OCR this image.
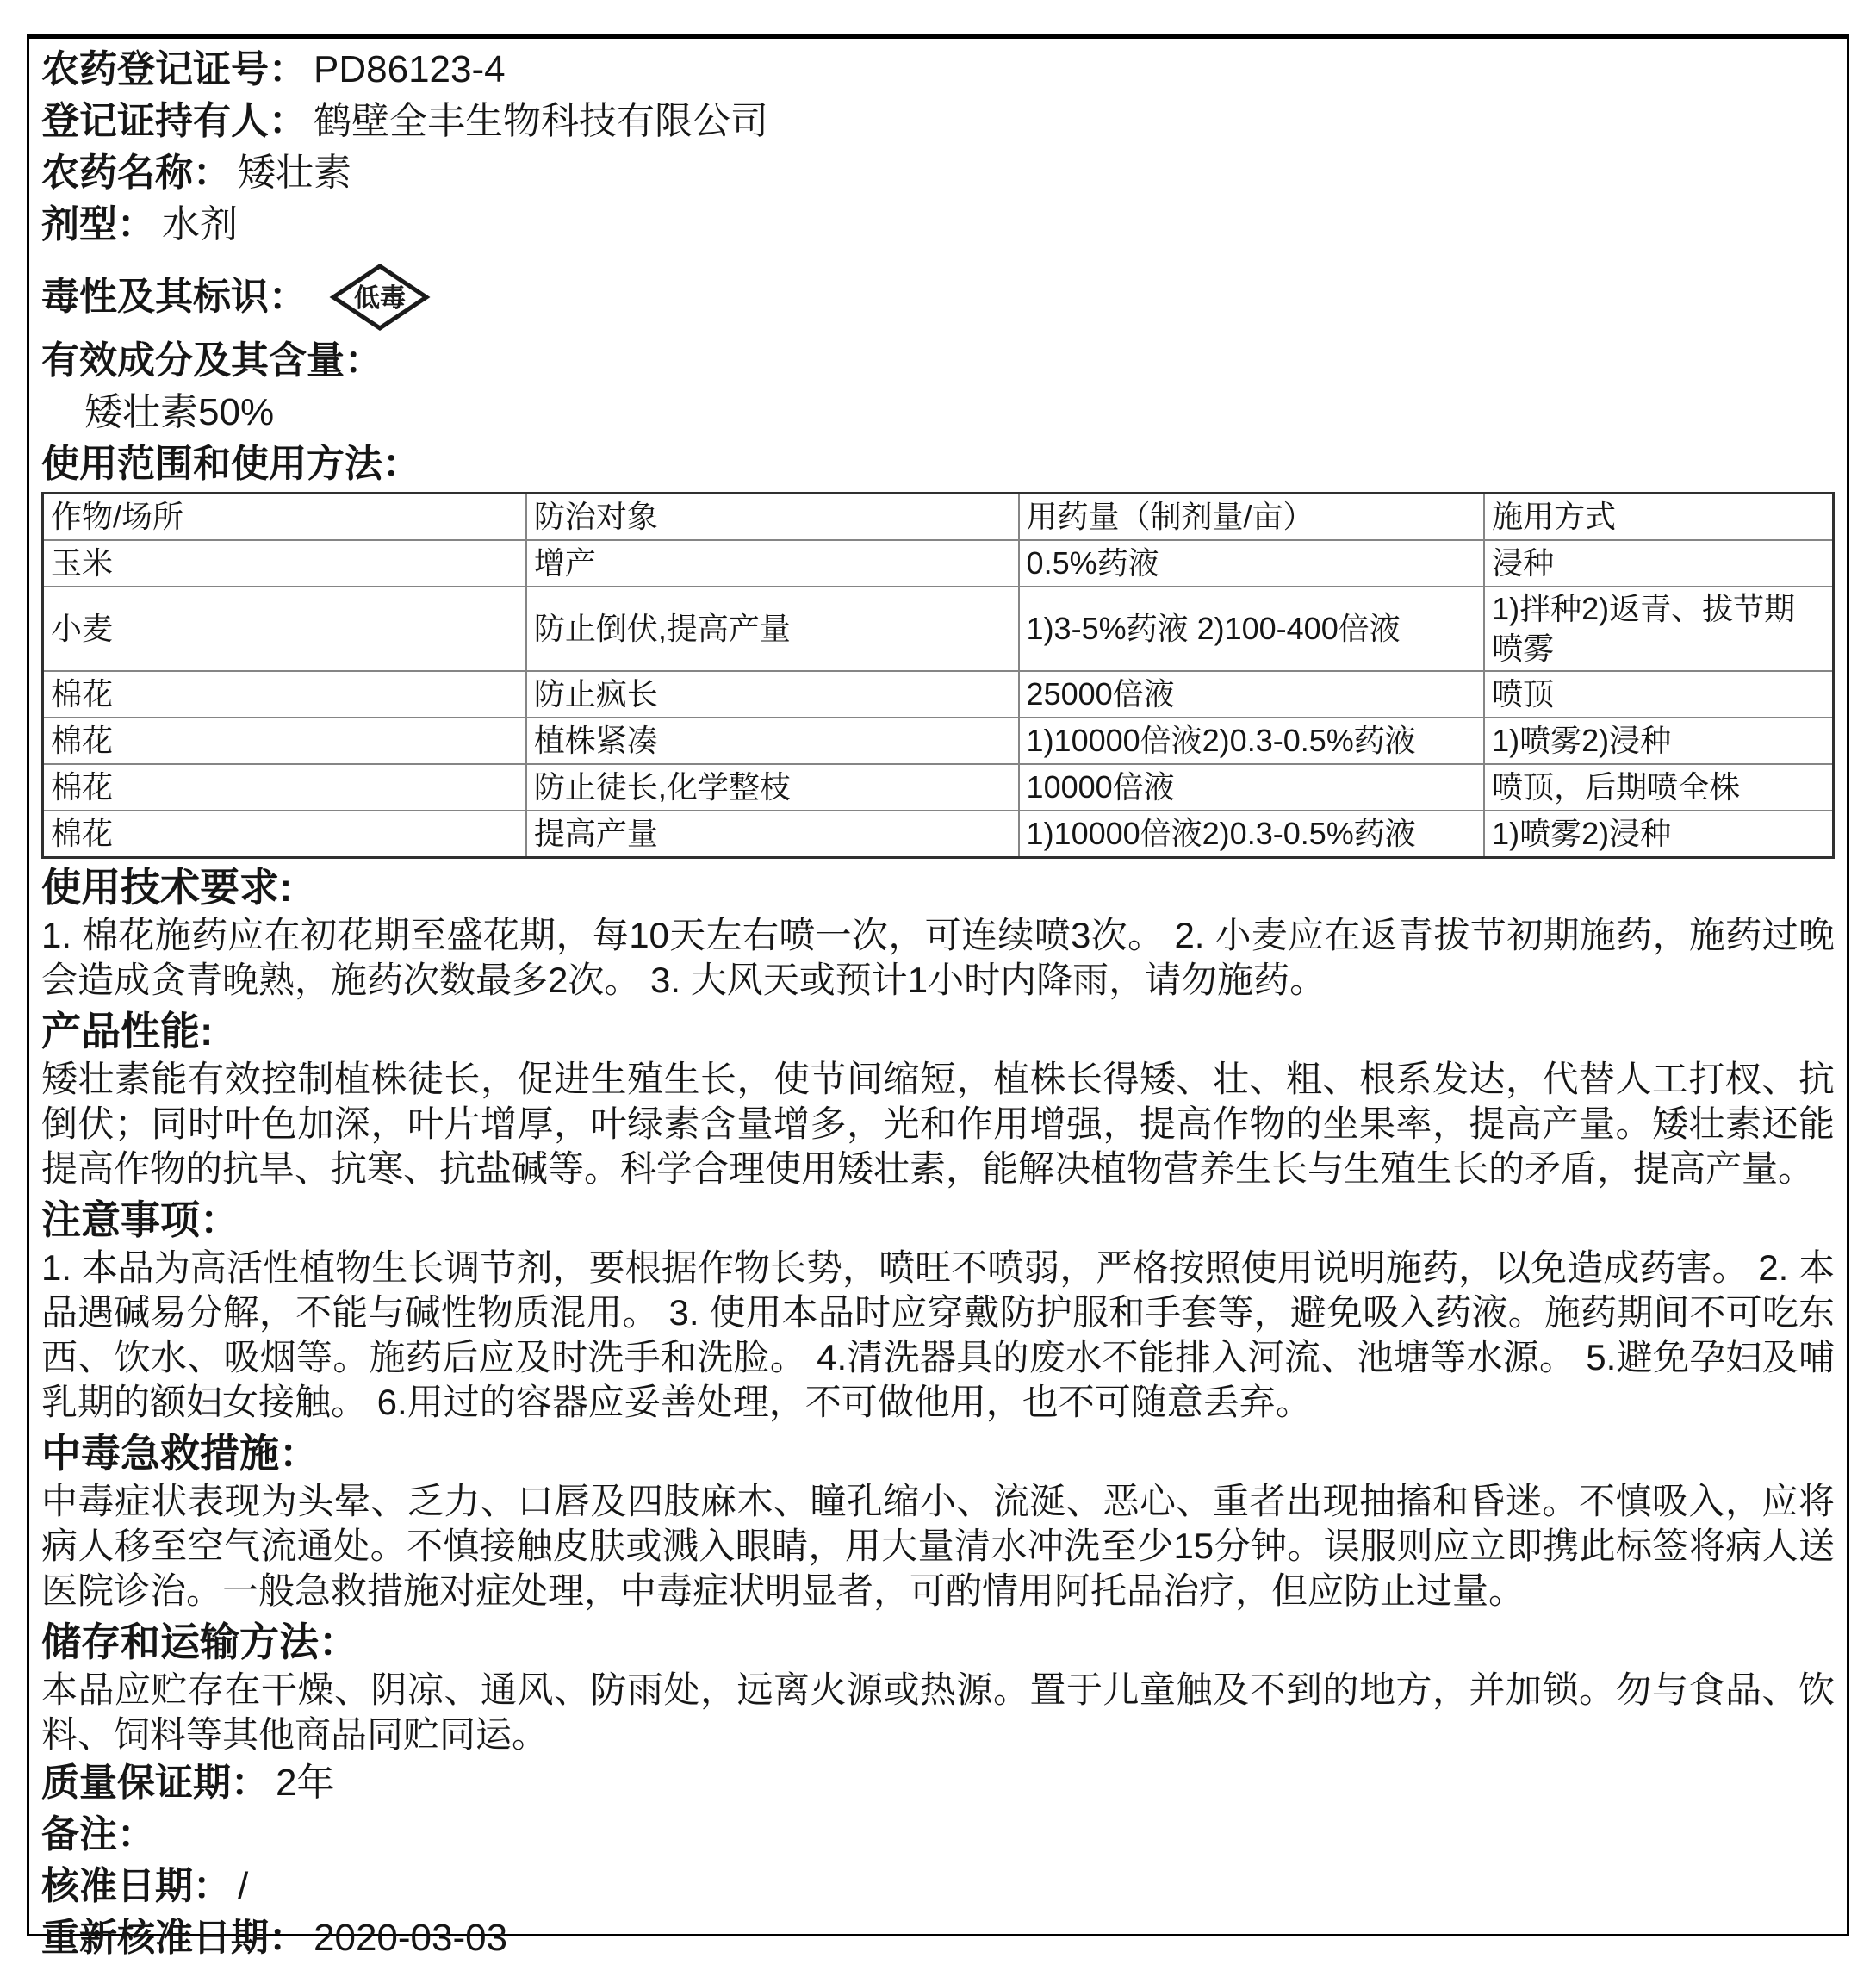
农药登记证号： PD86123-4
登记证持有人： 鹤壁全丰生物科技有限公司
农药名称： 矮壮素
剂型： 水剂
毒性及其标识： 低毒
有效成分及其含量：
矮壮素50%
使用范围和使用方法：
作物/场所	防治对象	用药量（制剂量/亩）	施用方式
玉米	增产	0.5%药液	浸种
小麦	防止倒伏,提高产量	1)3-5%药液 2)100-400倍液	1)拌种2)返青、拔节期喷雾
棉花	防止疯长	25000倍液	喷顶
棉花	植株紧凑	1)10000倍液2)0.3-0.5%药液	1)喷雾2)浸种
棉花	防止徒长,化学整枝	10000倍液	喷顶，后期喷全株
棉花	提高产量	1)10000倍液2)0.3-0.5%药液	1)喷雾2)浸种
使用技术要求:
1. 棉花施药应在初花期至盛花期，每10天左右喷一次，可连续喷3次。 2. 小麦应在返青拔节初期施药，施药过晚会造成贪青晚熟，施药次数最多2次。 3. 大风天或预计1小时内降雨，请勿施药。
产品性能:
矮壮素能有效控制植株徒长，促进生殖生长，使节间缩短，植株长得矮、壮、粗、根系发达，代替人工打杈、抗倒伏；同时叶色加深，叶片增厚，叶绿素含量增多，光和作用增强，提高作物的坐果率，提高产量。矮壮素还能提高作物的抗旱、抗寒、抗盐碱等。科学合理使用矮壮素，能解决植物营养生长与生殖生长的矛盾，提高产量。
注意事项：
1. 本品为高活性植物生长调节剂，要根据作物长势，喷旺不喷弱，严格按照使用说明施药，以免造成药害。 2. 本品遇碱易分解，不能与碱性物质混用。 3. 使用本品时应穿戴防护服和手套等，避免吸入药液。施药期间不可吃东西、饮水、吸烟等。施药后应及时洗手和洗脸。 4.清洗器具的废水不能排入河流、池塘等水源。 5.避免孕妇及哺乳期的额妇女接触。 6.用过的容器应妥善处理，不可做他用，也不可随意丢弃。
中毒急救措施：
中毒症状表现为头晕、乏力、口唇及四肢麻木、瞳孔缩小、流涎、恶心、重者出现抽搐和昏迷。不慎吸入，应将病人移至空气流通处。不慎接触皮肤或溅入眼睛，用大量清水冲洗至少15分钟。误服则应立即携此标签将病人送医院诊治。一般急救措施对症处理，中毒症状明显者，可酌情用阿托品治疗，但应防止过量。
储存和运输方法：
本品应贮存在干燥、阴凉、通风、防雨处，远离火源或热源。置于儿童触及不到的地方，并加锁。勿与食品、饮料、饲料等其他商品同贮同运。
质量保证期： 2年
备注：
核准日期： /
重新核准日期： 2020-03-03
